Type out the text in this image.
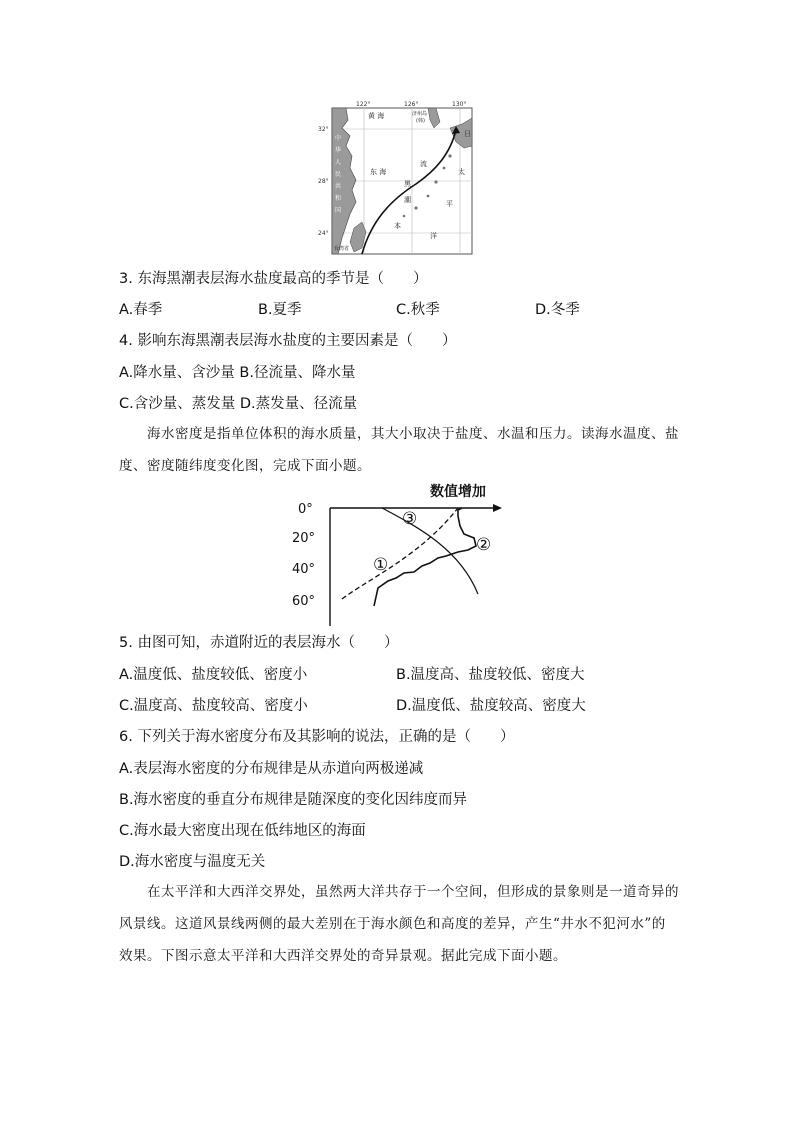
122°	126°	130°
32°
28°
24°
黄 海	济州岛
(韩)
日
东 海
流
黑
潮
本
太
平
洋
中
华
人
民
共
和
国
台湾省
3. 东海黑潮表层海水盐度最高的季节是（　　）
A.春季	B.夏季	C.秋季	D.冬季
4. 影响东海黑潮表层海水盐度的主要因素是（　　）
A.降水量、含沙量 B.径流量、降水量
C.含沙量、蒸发量 D.蒸发量、径流量

海水密度是指单位体积的海水质量，其大小取决于盐度、水温和压力。读海水温度、盐度、密度随纬度变化图，完成下面小题。

数值增加
0°
20°
40°
60°
①
②
③
5. 由图可知，赤道附近的表层海水（　　）
A.温度低、盐度较低、密度小	B.温度高、盐度较低、密度大
C.温度高、盐度较高、密度小	D.温度低、盐度较高、密度大
6. 下列关于海水密度分布及其影响的说法，正确的是（　　）
A.表层海水密度的分布规律是从赤道向两极递减
B.海水密度的垂直分布规律是随深度的变化因纬度而异
C.海水最大密度出现在低纬地区的海面
D.海水密度与温度无关

在太平洋和大西洋交界处，虽然两大洋共存于一个空间，但形成的景象则是一道奇异的风景线。这道风景线两侧的最大差别在于海水颜色和高度的差异，产生“井水不犯河水”的效果。下图示意太平洋和大西洋交界处的奇异景观。据此完成下面小题。
